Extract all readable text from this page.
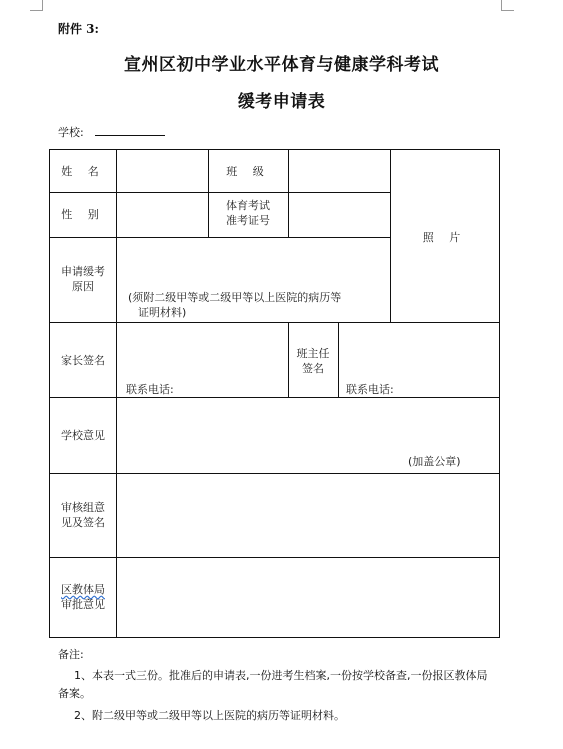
附件 3:
宣州区初中学业水平体育与健康学科考试
缓考申请表
学校:
姓 名	班 级
照 片
性 别
体育考试
准考证号
申请缓考
原因
(须附二级甲等或二级甲等以上医院的病历等
证明材料)
家长签名
联系电话:
班主任
签名
联系电话:
学校意见
(加盖公章)
审核组意
见及签名
区教体局
审批意见
备注:
1、本表一式三份。批准后的申请表,一份进考生档案,一份按学校备查,一份报区教体局备案。
2、附二级甲等或二级甲等以上医院的病历等证明材料。
